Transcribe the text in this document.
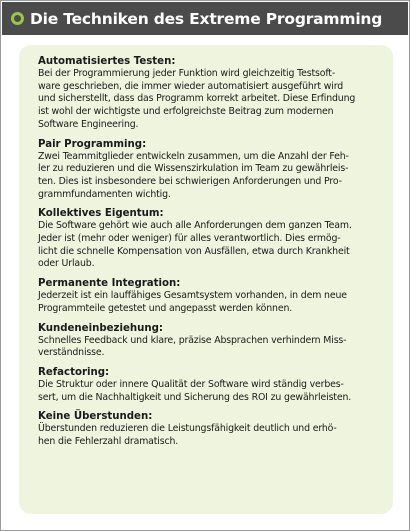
Die Techniken des Extreme Programming
Automatisiertes Testen:
Bei der Programmierung jeder Funktion wird gleichzeitig Testsoft-
ware geschrieben, die immer wieder automatisiert ausgeführt wird
und sicherstellt, dass das Programm korrekt arbeitet. Diese Erfindung
ist wohl der wichtigste und erfolgreichste Beitrag zum modernen
Software Engineering.
Pair Programming:
Zwei Teammitglieder entwickeln zusammen, um die Anzahl der Feh-
ler zu reduzieren und die Wissenszirkulation im Team zu gewährleis-
ten. Dies ist insbesondere bei schwierigen Anforderungen und Pro-
grammfundamenten wichtig.
Kollektives Eigentum:
Die Software gehört wie auch alle Anforderungen dem ganzen Team.
Jeder ist (mehr oder weniger) für alles verantwortlich. Dies ermög-
licht die schnelle Kompensation von Ausfällen, etwa durch Krankheit
oder Urlaub.
Permanente Integration:
Jederzeit ist ein lauffähiges Gesamtsystem vorhanden, in dem neue
Programmteile getestet und angepasst werden können.
Kundeneinbeziehung:
Schnelles Feedback und klare, präzise Absprachen verhindern Miss-
verständnisse.
Refactoring:
Die Struktur oder innere Qualität der Software wird ständig verbes-
sert, um die Nachhaltigkeit und Sicherung des ROI zu gewährleisten.
Keine Überstunden:
Überstunden reduzieren die Leistungsfähigkeit deutlich und erhö-
hen die Fehlerzahl dramatisch.
